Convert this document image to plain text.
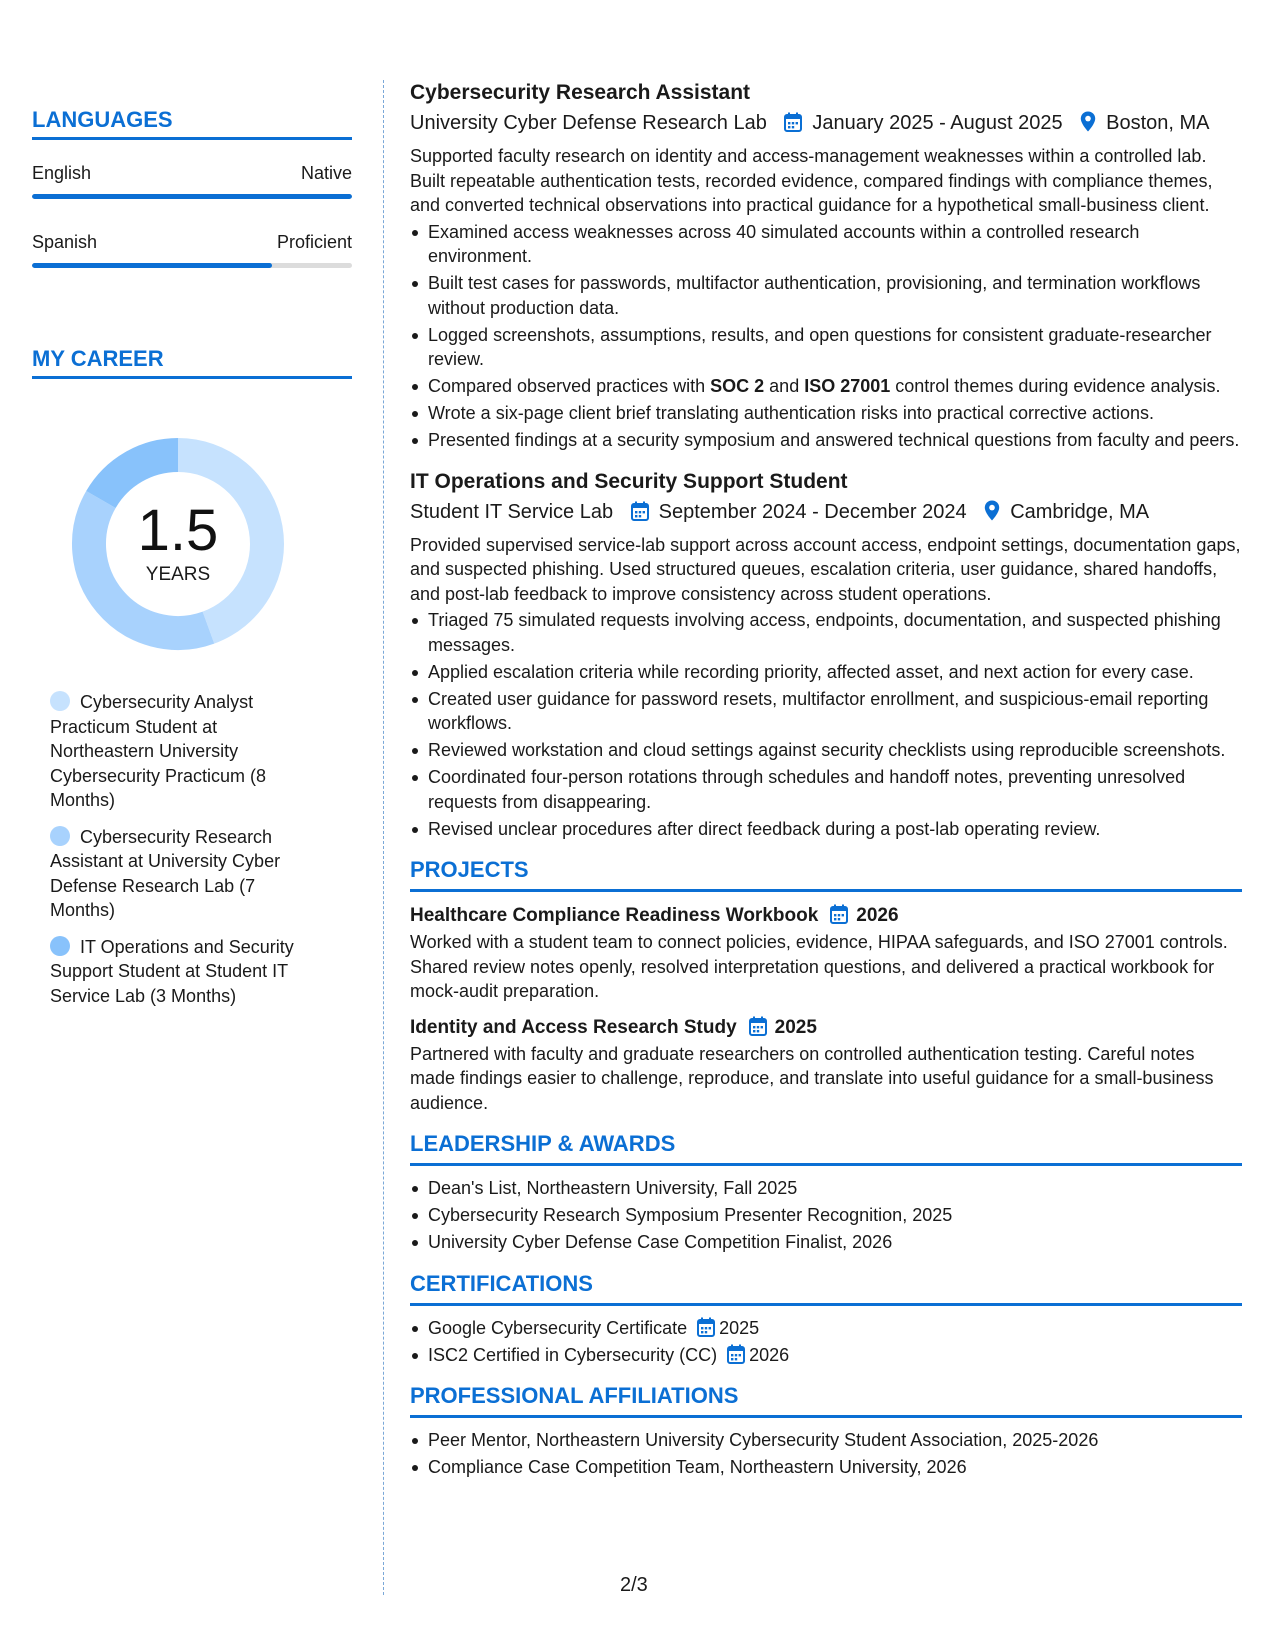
LANGUAGES
English	Native
Spanish	Proficient
MY CAREER
1.5
YEARS
Cybersecurity Analyst Practicum Student at Northeastern University Cybersecurity Practicum (8 Months)
Cybersecurity Research Assistant at University Cyber Defense Research Lab (7 Months)
IT Operations and Security Support Student at Student IT Service Lab (3 Months)
Cybersecurity Research Assistant
University Cyber Defense Research Lab January 2025 - August 2025 Boston, MA
Supported faculty research on identity and access-management weaknesses within a controlled lab. Built repeatable authentication tests, recorded evidence, compared findings with compliance themes, and converted technical observations into practical guidance for a hypothetical small-business client.
Examined access weaknesses across 40 simulated accounts within a controlled research environment.
Built test cases for passwords, multifactor authentication, provisioning, and termination workflows without production data.
Logged screenshots, assumptions, results, and open questions for consistent graduate-researcher review.
Compared observed practices with SOC 2 and ISO 27001 control themes during evidence analysis.
Wrote a six-page client brief translating authentication risks into practical corrective actions.
Presented findings at a security symposium and answered technical questions from faculty and peers.
IT Operations and Security Support Student
Student IT Service Lab September 2024 - December 2024 Cambridge, MA
Provided supervised service-lab support across account access, endpoint settings, documentation gaps, and suspected phishing. Used structured queues, escalation criteria, user guidance, shared handoffs, and post-lab feedback to improve consistency across student operations.
Triaged 75 simulated requests involving access, endpoints, documentation, and suspected phishing messages.
Applied escalation criteria while recording priority, affected asset, and next action for every case.
Created user guidance for password resets, multifactor enrollment, and suspicious-email reporting workflows.
Reviewed workstation and cloud settings against security checklists using reproducible screenshots.
Coordinated four-person rotations through schedules and handoff notes, preventing unresolved requests from disappearing.
Revised unclear procedures after direct feedback during a post-lab operating review.
PROJECTS
Healthcare Compliance Readiness Workbook 2026
Worked with a student team to connect policies, evidence, HIPAA safeguards, and ISO 27001 controls. Shared review notes openly, resolved interpretation questions, and delivered a practical workbook for mock-audit preparation.
Identity and Access Research Study 2025
Partnered with faculty and graduate researchers on controlled authentication testing. Careful notes made findings easier to challenge, reproduce, and translate into useful guidance for a small-business audience.
LEADERSHIP & AWARDS
Dean's List, Northeastern University, Fall 2025
Cybersecurity Research Symposium Presenter Recognition, 2025
University Cyber Defense Case Competition Finalist, 2026
CERTIFICATIONS
Google Cybersecurity Certificate 2025
ISC2 Certified in Cybersecurity (CC) 2026
PROFESSIONAL AFFILIATIONS
Peer Mentor, Northeastern University Cybersecurity Student Association, 2025-2026
Compliance Case Competition Team, Northeastern University, 2026
2/3
